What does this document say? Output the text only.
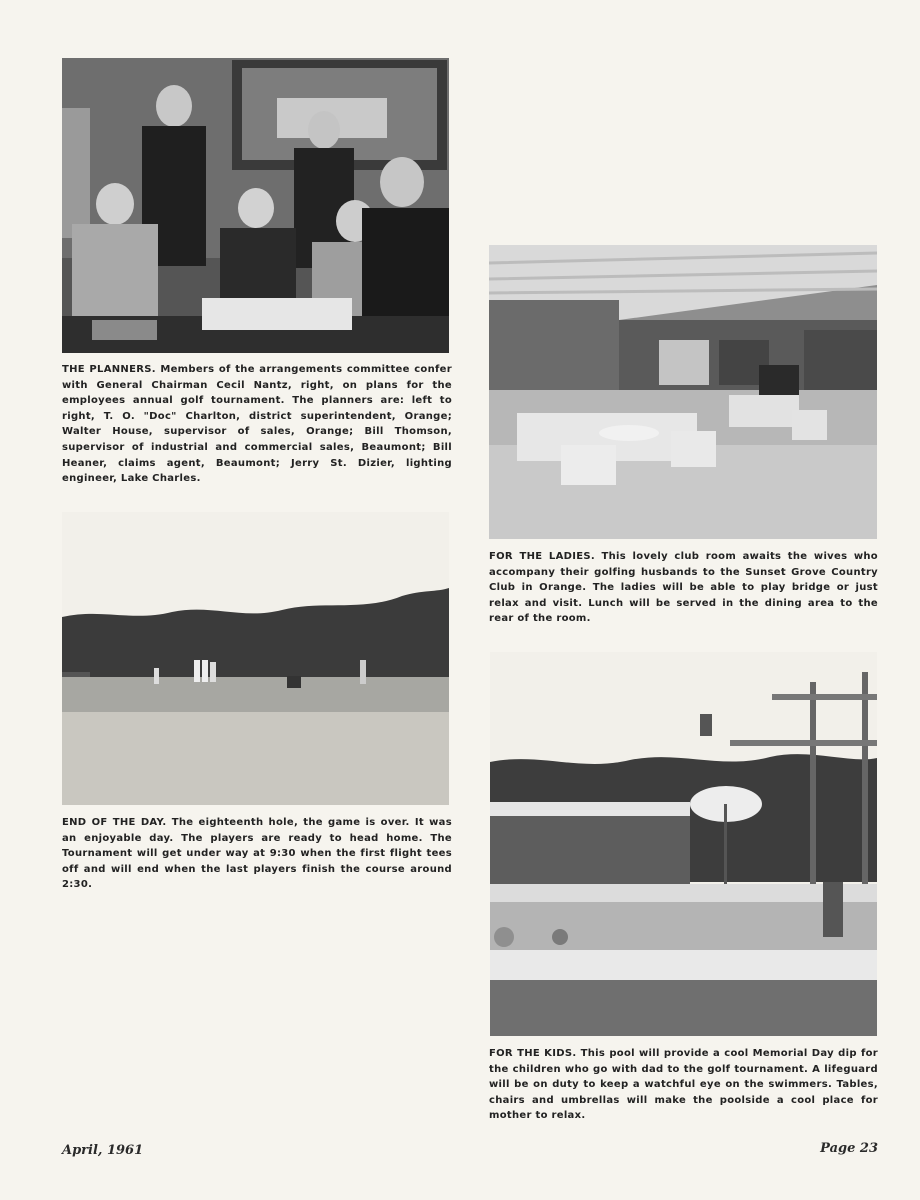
THE PLANNERS. Members of the arrangements committee confer with General Chairman Cecil Nantz, right, on plans for the employees annual golf tournament. The planners are: left to right, T. O. "Doc" Charlton, district superintendent, Orange; Walter House, supervisor of sales, Orange; Bill Thomson, supervisor of industrial and commercial sales, Beaumont; Bill Heaner, claims agent, Beaumont; Jerry St. Dizier, lighting engineer, Lake Charles.
END OF THE DAY. The eighteenth hole, the game is over. It was an enjoyable day. The players are ready to head home. The Tournament will get under way at 9:30 when the first flight tees off and will end when the last players finish the course around 2:30.
FOR THE LADIES. This lovely club room awaits the wives who accompany their golfing husbands to the Sunset Grove Country Club in Orange. The ladies will be able to play bridge or just relax and visit. Lunch will be served in the dining area to the rear of the room.
FOR THE KIDS. This pool will provide a cool Memorial Day dip for the children who go with dad to the golf tournament. A lifeguard will be on duty to keep a watchful eye on the swimmers. Tables, chairs and umbrellas will make the poolside a cool place for mother to relax.
April, 1961	Page 23
